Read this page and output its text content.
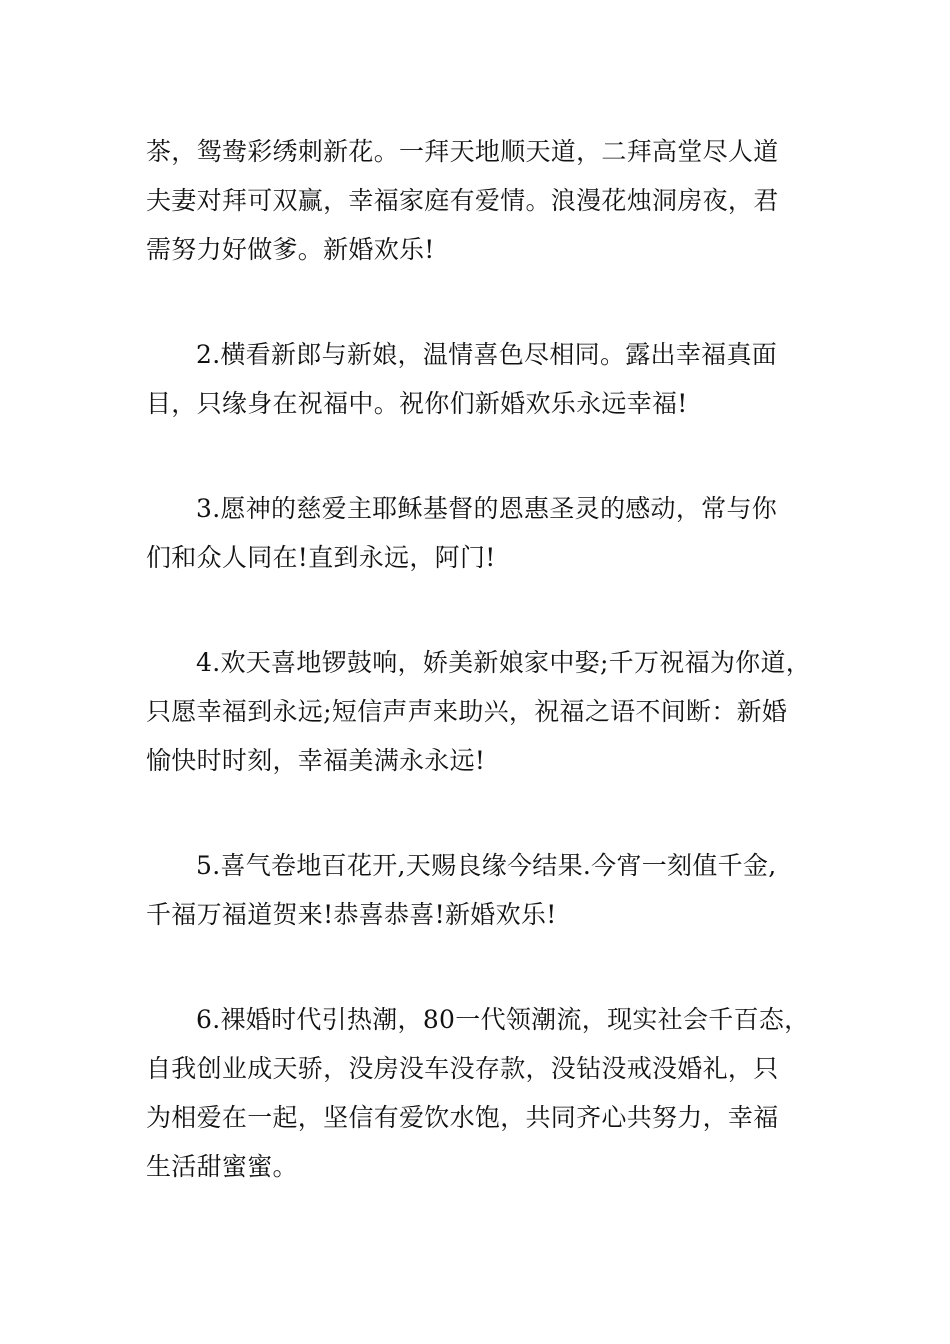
茶，鸳鸯彩绣刺新花。一拜天地顺天道，二拜高堂尽人道
夫妻对拜可双赢，幸福家庭有爱情。浪漫花烛洞房夜，君
需努力好做爹。新婚欢乐!

2.横看新郎与新娘，温情喜色尽相同。露出幸福真面
目，只缘身在祝福中。祝你们新婚欢乐永远幸福!

3.愿神的慈爱主耶稣基督的恩惠圣灵的感动，常与你
们和众人同在!直到永远，阿门!

4.欢天喜地锣鼓响，娇美新娘家中娶;千万祝福为你道，
只愿幸福到永远;短信声声来助兴，祝福之语不间断：新婚
愉快时时刻，幸福美满永永远!

5.喜气卷地百花开,天赐良缘今结果.今宵一刻值千金,
千福万福道贺来!恭喜恭喜!新婚欢乐!

6.裸婚时代引热潮，80一代领潮流，现实社会千百态，
自我创业成天骄，没房没车没存款，没钻没戒没婚礼，只
为相爱在一起，坚信有爱饮水饱，共同齐心共努力，幸福
生活甜蜜蜜。
